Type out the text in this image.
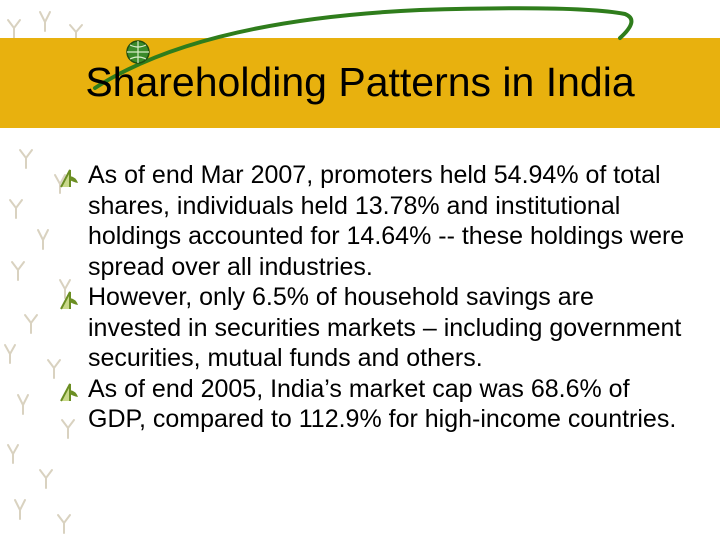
Shareholding Patterns in India
As of end Mar 2007, promoters held 54.94% of total shares, individuals held 13.78% and institutional holdings accounted for 14.64% -- these holdings were spread over all industries.
However, only 6.5% of household savings are invested in securities markets – including government securities, mutual funds and others.
As of end 2005, India’s market cap was 68.6% of GDP, compared to 112.9% for high-income countries.
